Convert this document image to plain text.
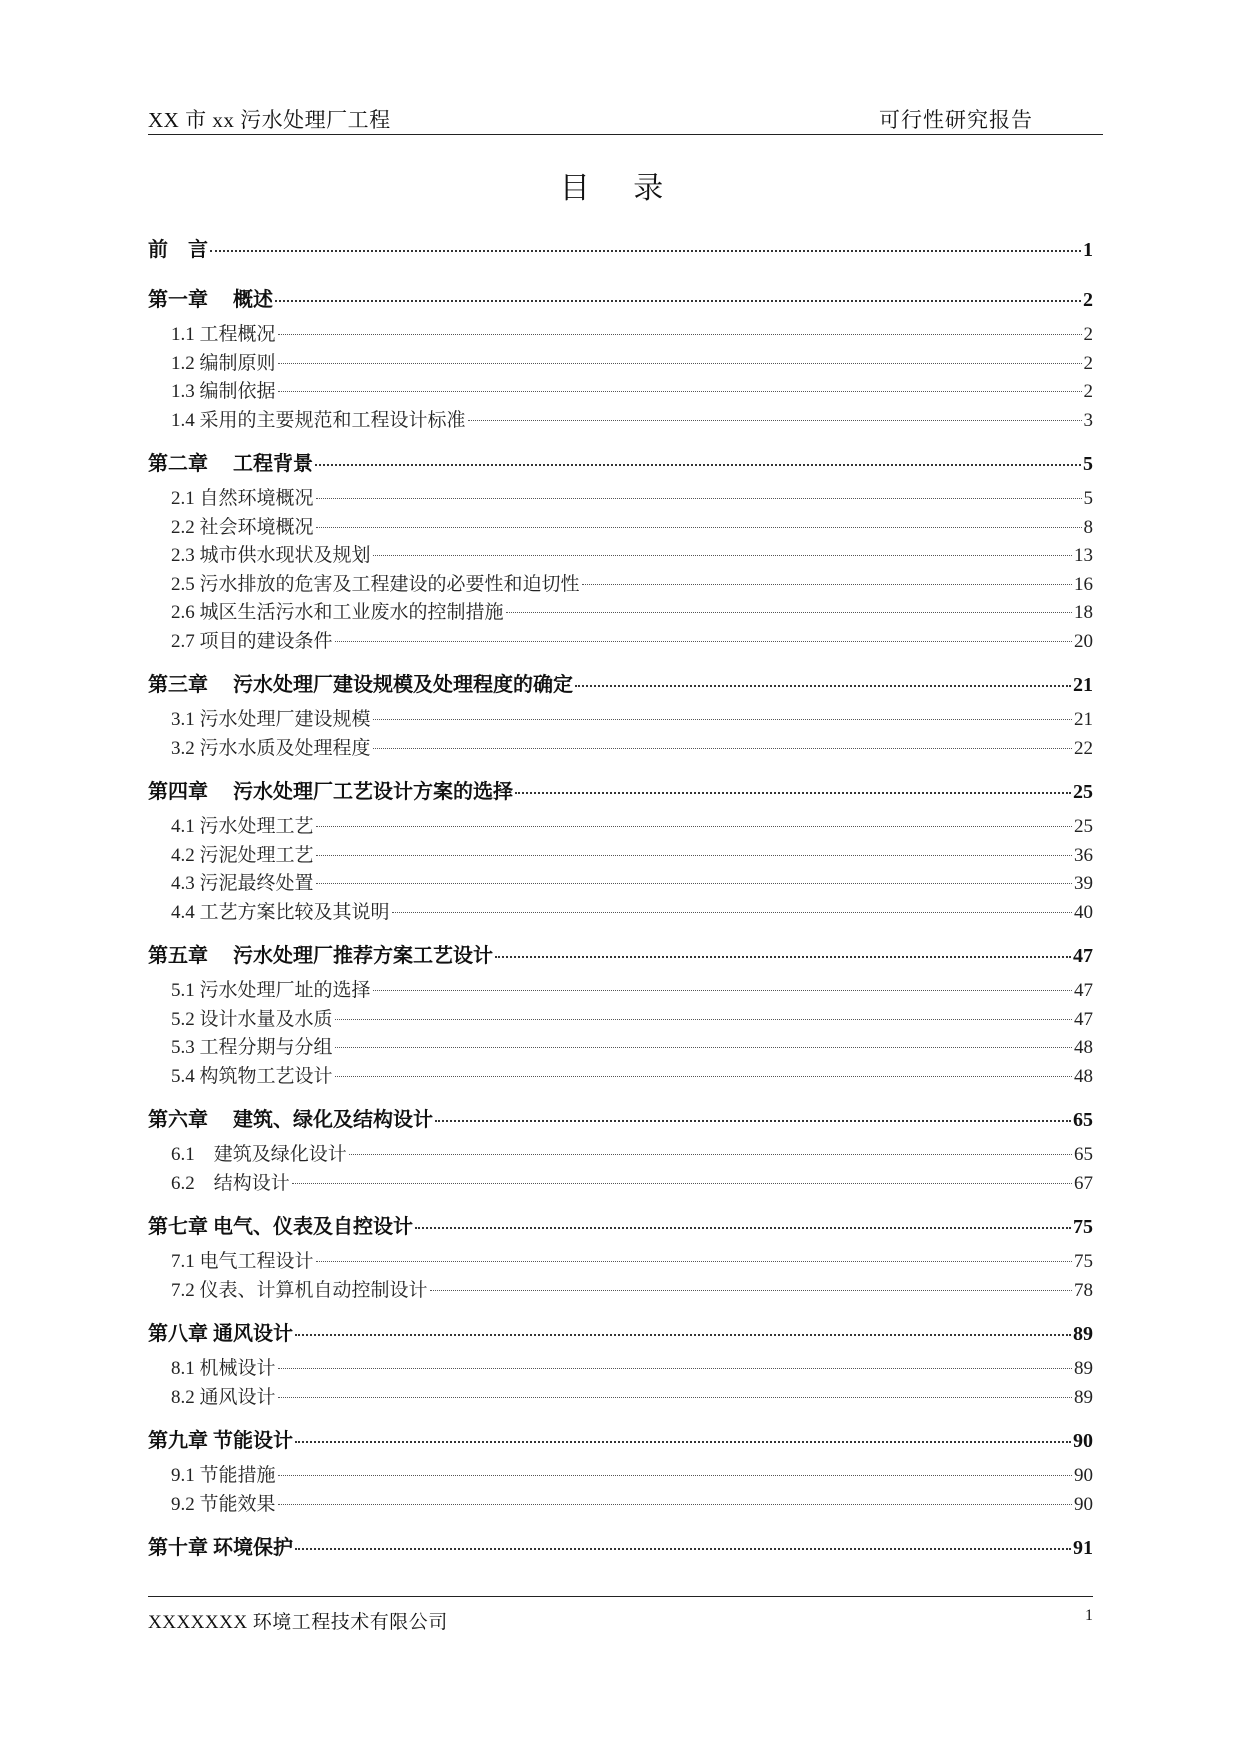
XX 市 xx 污水处理厂工程	可行性研究报告
目 录
前　言	1
第一章　 概述	2
1.1 工程概况	2
1.2 编制原则	2
1.3 编制依据	2
1.4 采用的主要规范和工程设计标准	3
第二章　 工程背景	5
2.1 自然环境概况	5
2.2 社会环境概况	8
2.3 城市供水现状及规划	13
2.5 污水排放的危害及工程建设的必要性和迫切性	16
2.6 城区生活污水和工业废水的控制措施	18
2.7 项目的建设条件	20
第三章　 污水处理厂建设规模及处理程度的确定	21
3.1 污水处理厂建设规模	21
3.2 污水水质及处理程度	22
第四章　 污水处理厂工艺设计方案的选择	25
4.1 污水处理工艺	25
4.2 污泥处理工艺	36
4.3 污泥最终处置	39
4.4 工艺方案比较及其说明	40
第五章　 污水处理厂推荐方案工艺设计	47
5.1 污水处理厂址的选择	47
5.2 设计水量及水质	47
5.3 工程分期与分组	48
5.4 构筑物工艺设计	48
第六章　 建筑、绿化及结构设计	65
6.1　建筑及绿化设计	65
6.2　结构设计	67
第七章 电气、仪表及自控设计	75
7.1 电气工程设计	75
7.2 仪表、计算机自动控制设计	78
第八章 通风设计	89
8.1 机械设计	89
8.2 通风设计	89
第九章 节能设计	90
9.1 节能措施	90
9.2 节能效果	90
第十章 环境保护	91
XXXXXXX 环境工程技术有限公司	1
